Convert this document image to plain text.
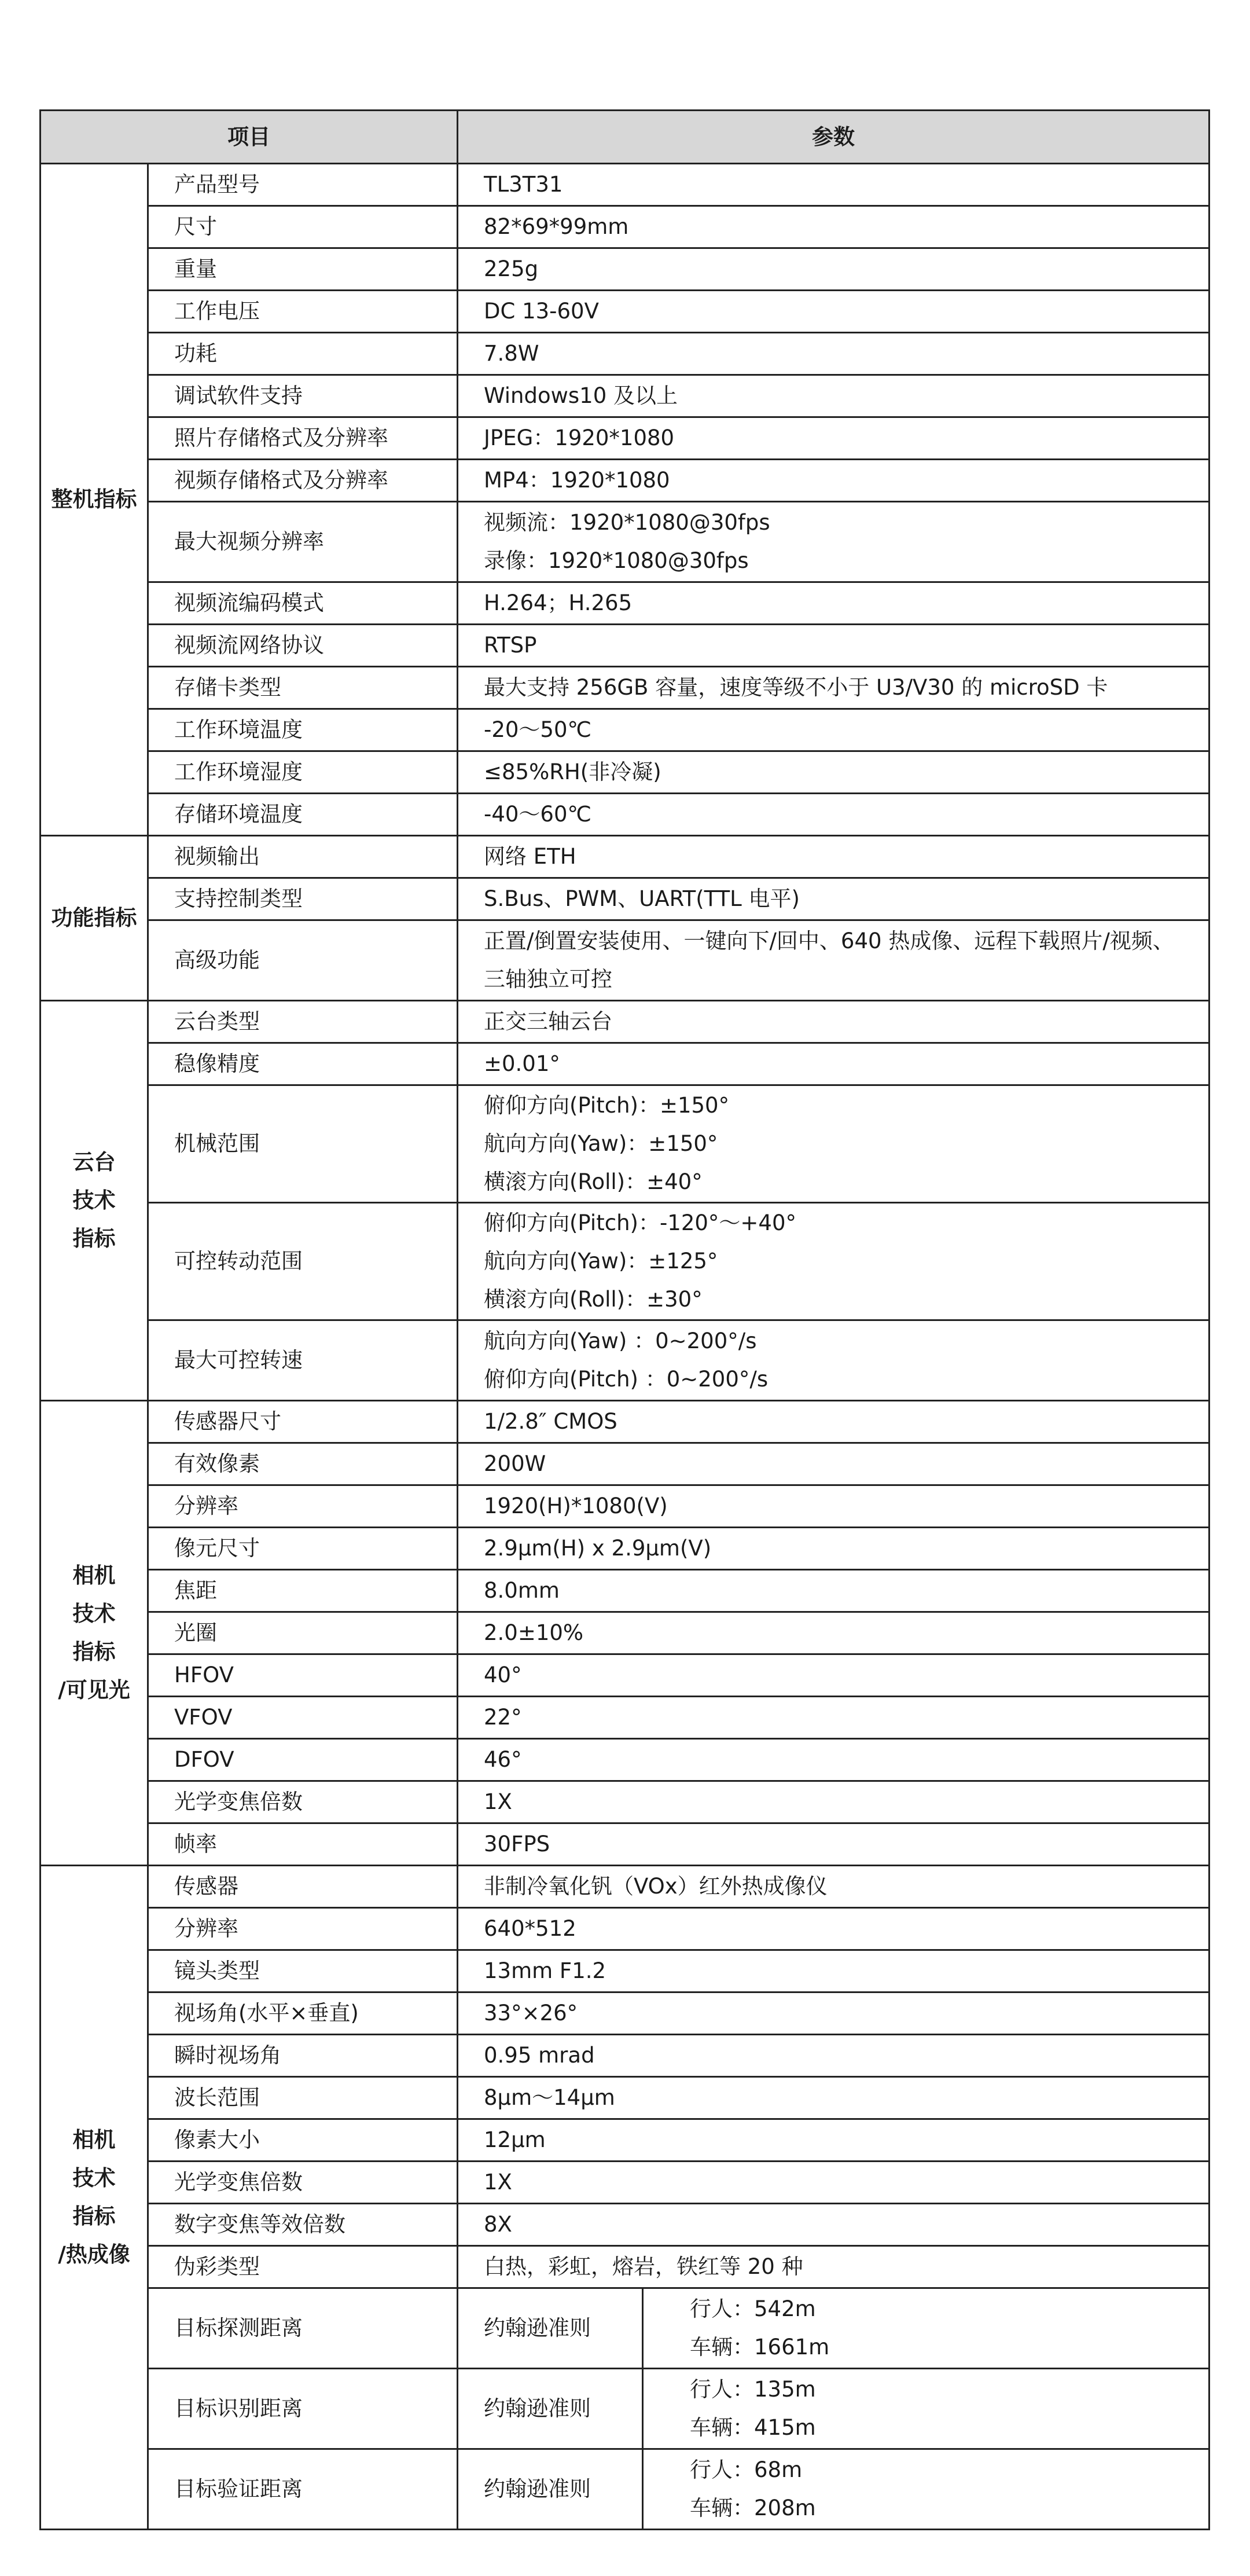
项目		参数	

整机指标	产品型号	TL3T31	

	尺寸	82*69*99mm	

	重量	225g	

	工作电压	DC 13-60V	

	功耗	7.8W	

	调试软件支持	Windows10 及以上	

	照片存储格式及分辨率	JPEG：1920*1080	

	视频存储格式及分辨率	MP4：1920*1080	

	最大视频分辨率	视频流：1920*1080@30fps
录像：1920*1080@30fps	

	视频流编码模式	H.264；H.265	

	视频流网络协议	RTSP	

	存储卡类型	最大支持 256GB 容量，速度等级不小于 U3/V30 的 microSD 卡	

	工作环境温度	-20～50℃	

	工作环境湿度	≤85%RH(非冷凝)	

	存储环境温度	-40～60℃	

功能指标	视频输出	网络 ETH	

	支持控制类型	S.Bus、PWM、UART(TTL 电平)	

	高级功能	正置/倒置安装使用、一键向下/回中、640 热成像、远程下载照片/视频、
三轴独立可控	

云台
技术
指标	云台类型	正交三轴云台	

	稳像精度	±0.01°	

	机械范围	俯仰方向(Pitch)：±150°
航向方向(Yaw)：±150°
横滚方向(Roll)：±40°	

	可控转动范围	俯仰方向(Pitch)：-120°～+40°
航向方向(Yaw)：±125°
横滚方向(Roll)：±30°	

	最大可控转速	航向方向(Yaw) ：0~200°/s
俯仰方向(Pitch) ：0~200°/s	

相机
技术
指标
/可见光	传感器尺寸	1/2.8″ CMOS	

	有效像素	200W	

	分辨率	1920(H)*1080(V)	

	像元尺寸	2.9μm(H) x 2.9μm(V)	

	焦距	8.0mm	

	光圈	2.0±10%	

	HFOV	40°	

	VFOV	22°	

	DFOV	46°	

	光学变焦倍数	1X	

	帧率	30FPS	

相机
技术
指标
/热成像	传感器	非制冷氧化钒（VOx）红外热成像仪	

	分辨率	640*512	

	镜头类型	13mm F1.2	

	视场角(水平×垂直)	33°×26°	

	瞬时视场角	0.95 mrad	

	波长范围	8μm～14μm	

	像素大小	12μm	

	光学变焦倍数	1X	

	数字变焦等效倍数	8X	

	伪彩类型	白热，彩虹，熔岩，铁红等 20 种	

	目标探测距离	约翰逊准则	行人：542m
车辆：1661m

	目标识别距离	约翰逊准则	行人：135m
车辆：415m

	目标验证距离	约翰逊准则	行人：68m
车辆：208m
